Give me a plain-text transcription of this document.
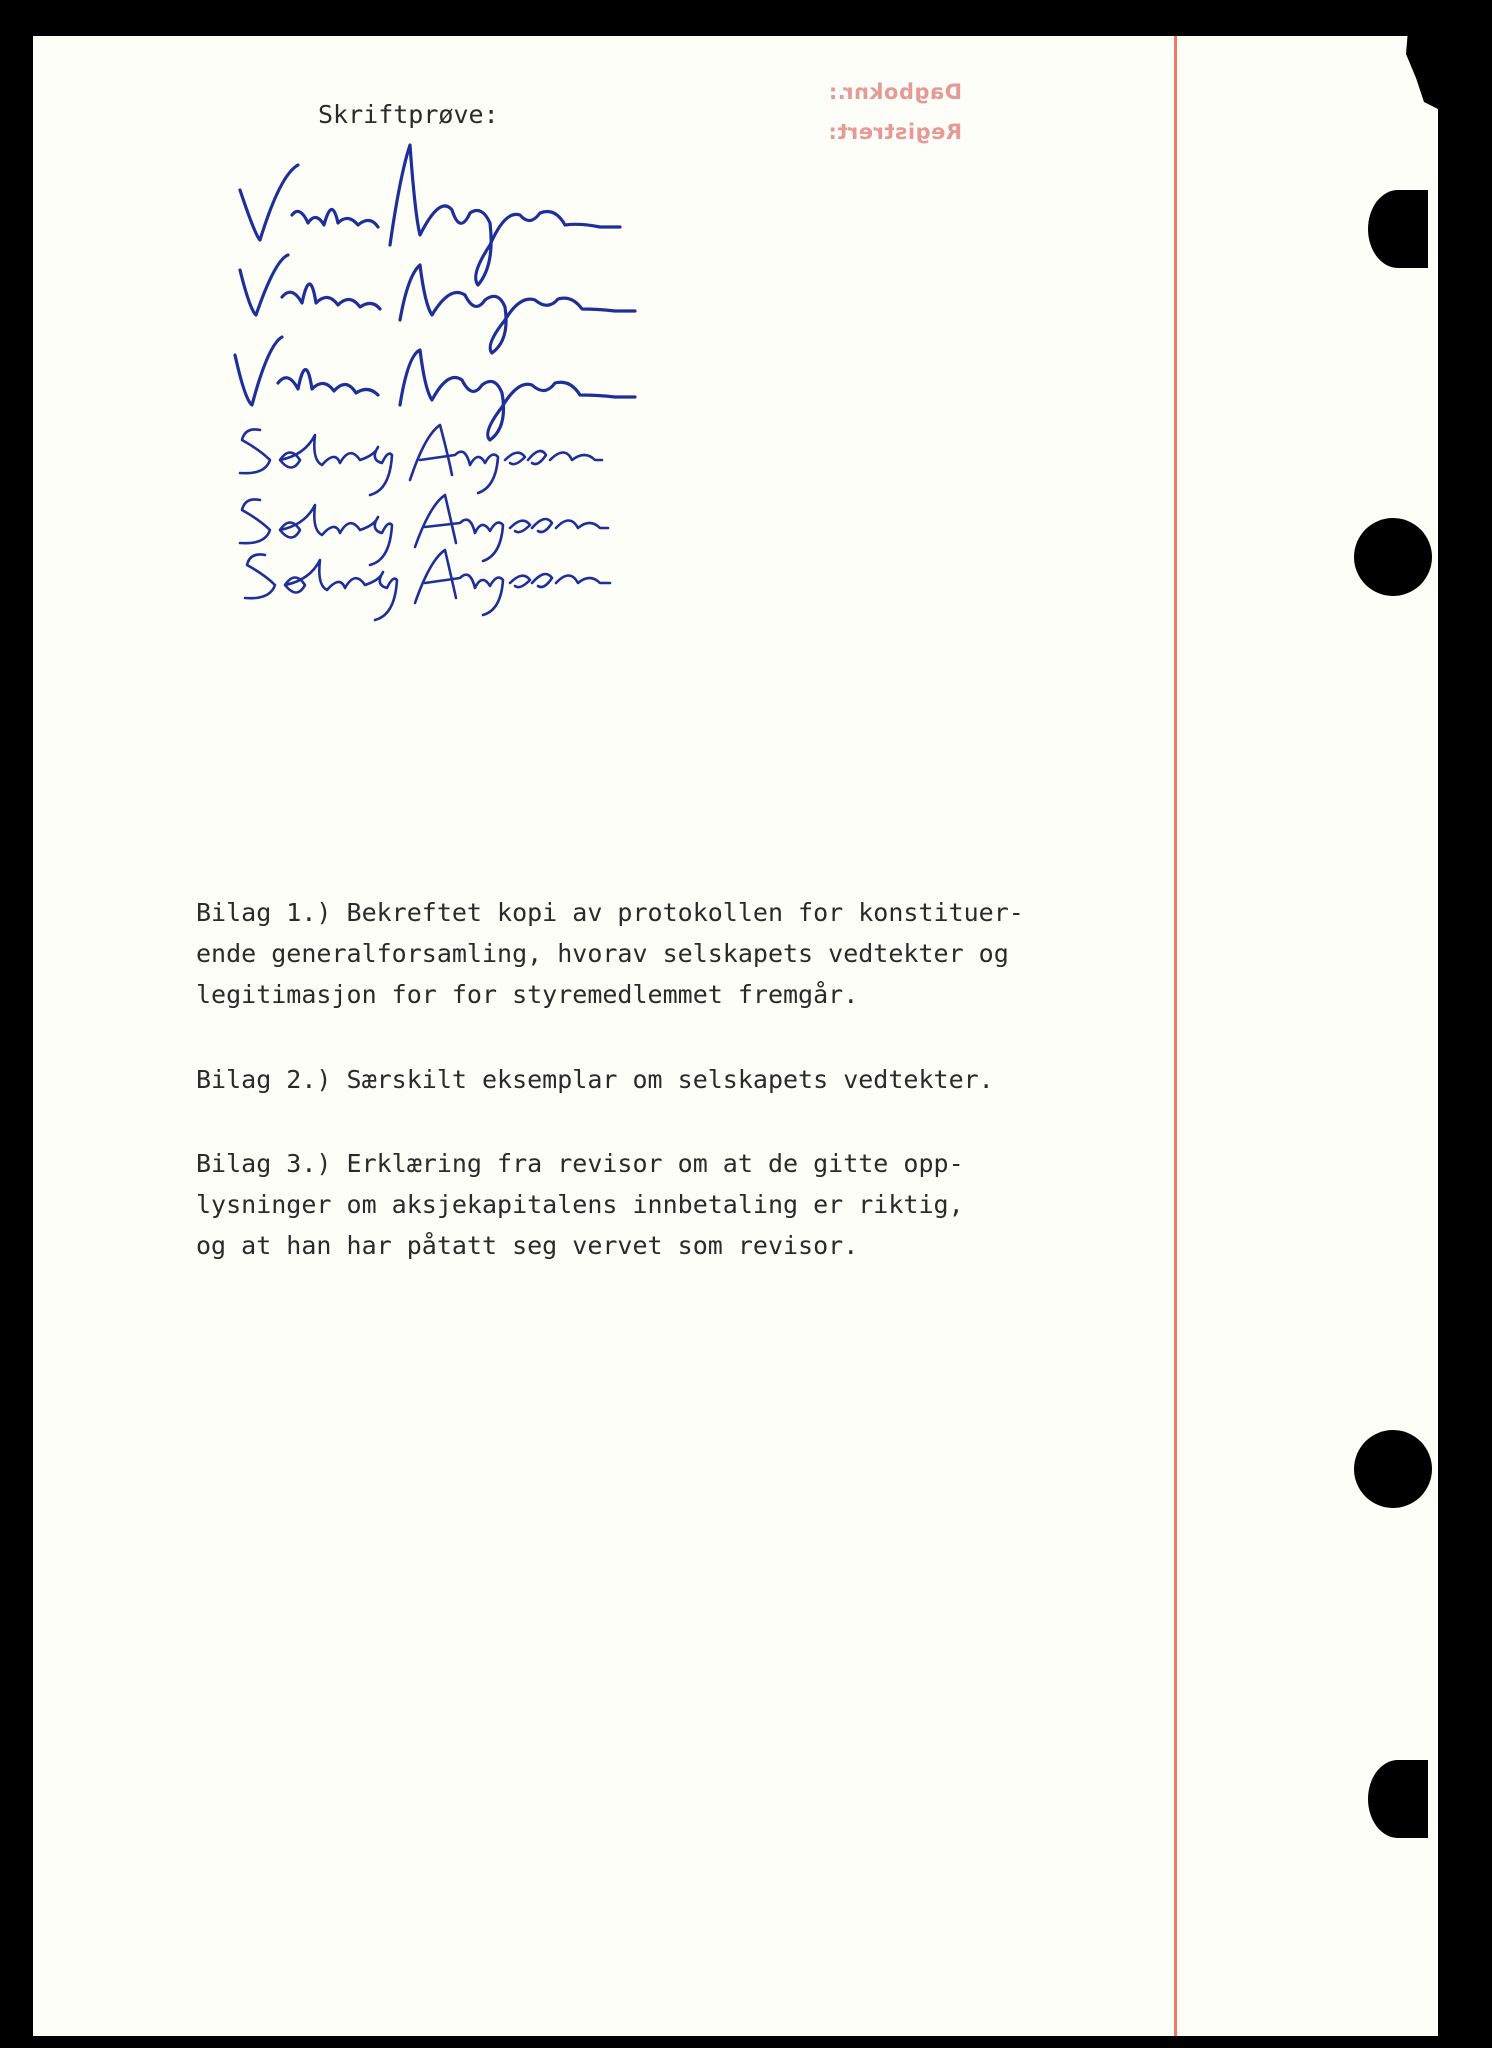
Dagboknr.:
Registrert:
Skriftprøve:
Bilag 1.) Bekreftet kopi av protokollen for konstituer-
ende generalforsamling, hvorav selskapets vedtekter og
legitimasjon for for styremedlemmet fremgår.
Bilag 2.) Særskilt eksemplar om selskapets vedtekter.
Bilag 3.) Erklæring fra revisor om at de gitte opp-
lysninger om aksjekapitalens innbetaling er riktig,
og at han har påtatt seg vervet som revisor.
